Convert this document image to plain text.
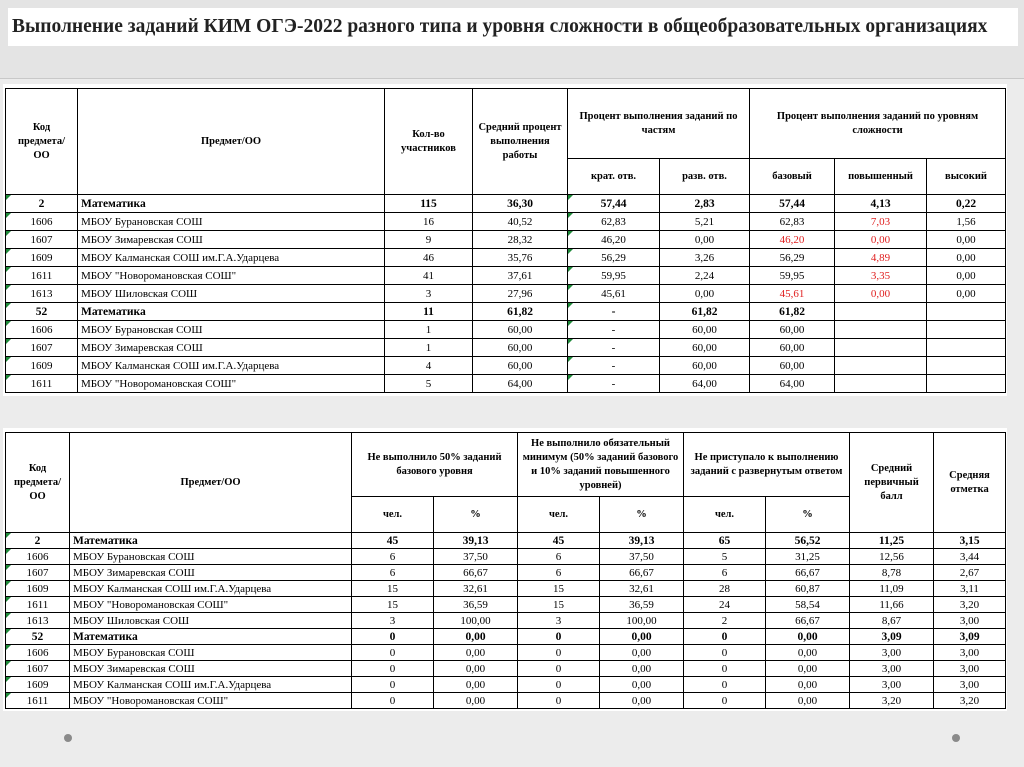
Выполнение заданий КИМ ОГЭ-2022 разного типа и уровня сложности в общеобразовательных организациях
Код предмета/ ОО	Предмет/ОО	Кол-во участников	Средний процент выполнения работы	Процент выполнения заданий по частям		Процент выполнения заданий по уровням сложности		
				крат. отв.	разв. отв.	базовый	повышенный	высокий
2	Математика	115	36,30	57,44	2,83	57,44	4,13	0,22
1606	МБОУ Бурановская СОШ	16	40,52	62,83	5,21	62,83	7,03	1,56
1607	МБОУ Зимаревская СОШ	9	28,32	46,20	0,00	46,20	0,00	0,00
1609	МБОУ Калманская СОШ им.Г.А.Ударцева	46	35,76	56,29	3,26	56,29	4,89	0,00
1611	МБОУ "Новоромановская СОШ"	41	37,61	59,95	2,24	59,95	3,35	0,00
1613	МБОУ Шиловская СОШ	3	27,96	45,61	0,00	45,61	0,00	0,00
52	Математика	11	61,82	-	61,82	61,82		
1606	МБОУ Бурановская СОШ	1	60,00	-	60,00	60,00		
1607	МБОУ Зимаревская СОШ	1	60,00	-	60,00	60,00		
1609	МБОУ Калманская СОШ им.Г.А.Ударцева	4	60,00	-	60,00	60,00		
1611	МБОУ "Новоромановская СОШ"	5	64,00	-	64,00	64,00		
Код предмета/ ОО	Предмет/ОО	Не выполнило 50% заданий базового уровня		Не выполнило обязательный минимум (50% заданий базового и 10% заданий повышенного уровней)		Не приступало к выполнению заданий с развернутым ответом		Средний первичный балл	Средняя отметка
		чел.	%	чел.	%	чел.	%		
2	Математика	45	39,13	45	39,13	65	56,52	11,25	3,15
1606	МБОУ Бурановская СОШ	6	37,50	6	37,50	5	31,25	12,56	3,44
1607	МБОУ Зимаревская СОШ	6	66,67	6	66,67	6	66,67	8,78	2,67
1609	МБОУ Калманская СОШ им.Г.А.Ударцева	15	32,61	15	32,61	28	60,87	11,09	3,11
1611	МБОУ "Новоромановская СОШ"	15	36,59	15	36,59	24	58,54	11,66	3,20
1613	МБОУ Шиловская СОШ	3	100,00	3	100,00	2	66,67	8,67	3,00
52	Математика	0	0,00	0	0,00	0	0,00	3,09	3,09
1606	МБОУ Бурановская СОШ	0	0,00	0	0,00	0	0,00	3,00	3,00
1607	МБОУ Зимаревская СОШ	0	0,00	0	0,00	0	0,00	3,00	3,00
1609	МБОУ Калманская СОШ им.Г.А.Ударцева	0	0,00	0	0,00	0	0,00	3,00	3,00
1611	МБОУ "Новоромановская СОШ"	0	0,00	0	0,00	0	0,00	3,20	3,20
